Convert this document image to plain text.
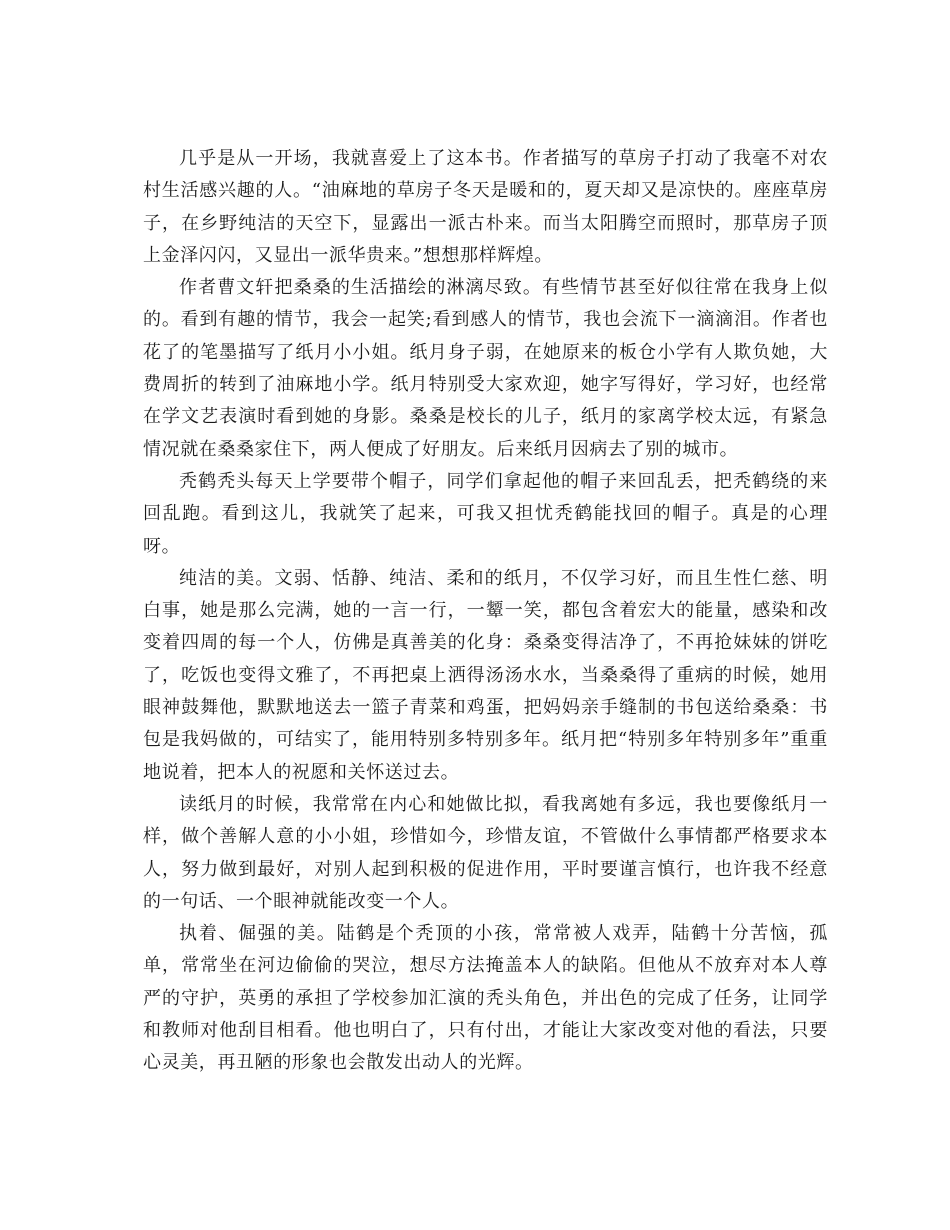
几乎是从一开场，我就喜爱上了这本书。作者描写的草房子打动了我毫不对农村生活感兴趣的人。“油麻地的草房子冬天是暖和的，夏天却又是凉快的。座座草房子，在乡野纯洁的天空下，显露出一派古朴来。而当太阳腾空而照时，那草房子顶上金泽闪闪，又显出一派华贵来。”想想那样辉煌。

作者曹文轩把桑桑的生活描绘的淋漓尽致。有些情节甚至好似往常在我身上似的。看到有趣的情节，我会一起笑;看到感人的情节，我也会流下一滴滴泪。作者也花了的笔墨描写了纸月小小姐。纸月身子弱，在她原来的板仓小学有人欺负她，大费周折的转到了油麻地小学。纸月特别受大家欢迎，她字写得好，学习好，也经常在学文艺表演时看到她的身影。桑桑是校长的儿子，纸月的家离学校太远，有紧急情况就在桑桑家住下，两人便成了好朋友。后来纸月因病去了别的城市。

秃鹤秃头每天上学要带个帽子，同学们拿起他的帽子来回乱丢，把秃鹤绕的来回乱跑。看到这儿，我就笑了起来，可我又担忧秃鹤能找回的帽子。真是的心理呀。

纯洁的美。文弱、恬静、纯洁、柔和的纸月，不仅学习好，而且生性仁慈、明白事，她是那么完满，她的一言一行，一颦一笑，都包含着宏大的能量，感染和改变着四周的每一个人，仿佛是真善美的化身：桑桑变得洁净了，不再抢妹妹的饼吃了，吃饭也变得文雅了，不再把桌上洒得汤汤水水，当桑桑得了重病的时候，她用眼神鼓舞他，默默地送去一篮子青菜和鸡蛋，把妈妈亲手缝制的书包送给桑桑：书包是我妈做的，可结实了，能用特别多特别多年。纸月把“特别多年特别多年”重重地说着，把本人的祝愿和关怀送过去。

读纸月的时候，我常常在内心和她做比拟，看我离她有多远，我也要像纸月一样，做个善解人意的小小姐，珍惜如今，珍惜友谊，不管做什么事情都严格要求本人，努力做到最好，对别人起到积极的促进作用，平时要谨言慎行，也许我不经意的一句话、一个眼神就能改变一个人。

执着、倔强的美。陆鹤是个秃顶的小孩，常常被人戏弄，陆鹤十分苦恼，孤单，常常坐在河边偷偷的哭泣，想尽方法掩盖本人的缺陷。但他从不放弃对本人尊严的守护，英勇的承担了学校参加汇演的秃头角色，并出色的完成了任务，让同学和教师对他刮目相看。他也明白了，只有付出，才能让大家改变对他的看法，只要心灵美，再丑陋的形象也会散发出动人的光辉。
